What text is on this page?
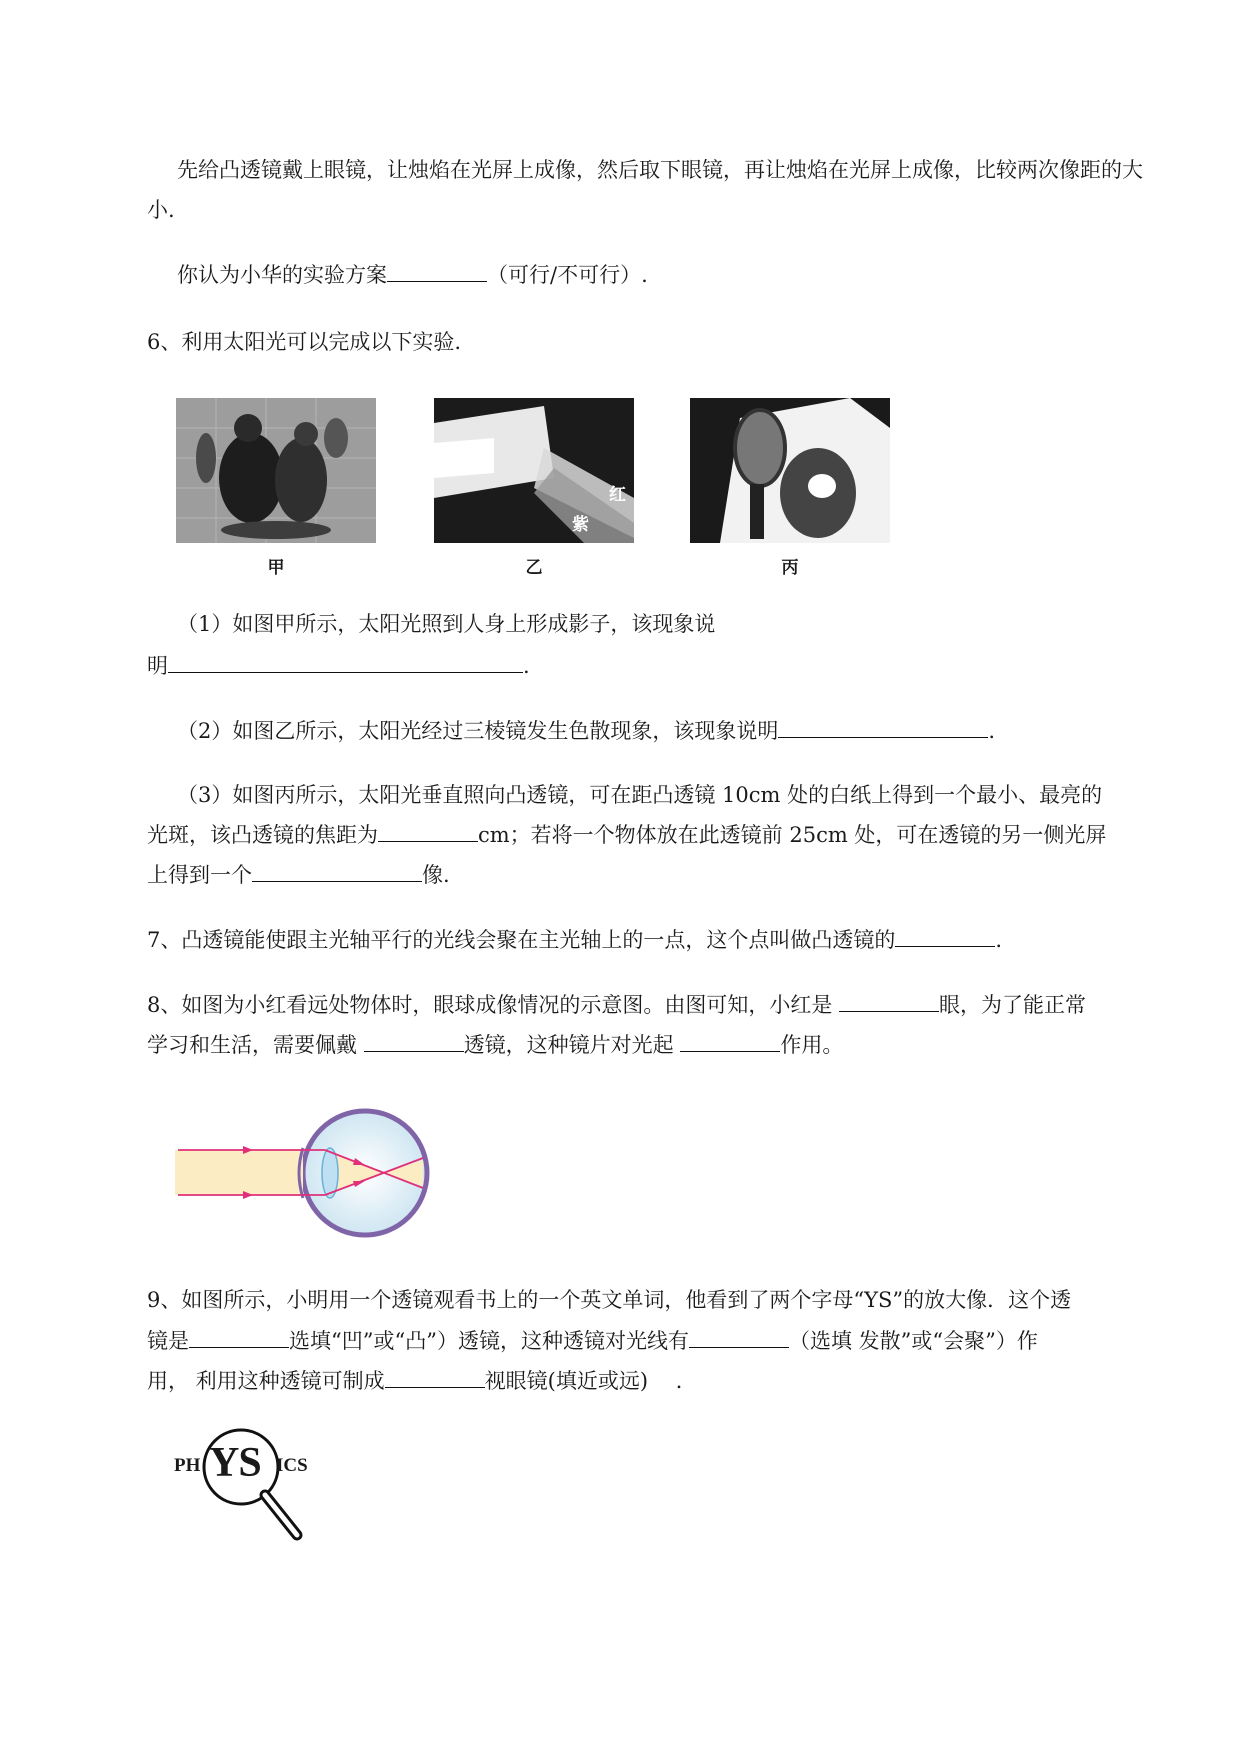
先给凸透镜戴上眼镜，让烛焰在光屏上成像，然后取下眼镜，再让烛焰在光屏上成像，比较两次像距的大小.

你认为小华的实验方案	（可行/不可行）.

6、利用太阳光可以完成以下实验.

甲
红
紫
乙	丙

（1）如图甲所示，太阳光照到人身上形成影子，该现象说

明	.

（2）如图乙所示，太阳光经过三棱镜发生色散现象，该现象说明	.

（3）如图丙所示，太阳光垂直照向凸透镜，可在距凸透镜 10cm 处的白纸上得到一个最小、最亮的

光斑，该凸透镜的焦距为	cm；若将一个物体放在此透镜前 25cm 处，可在透镜的另一侧光屏

上得到一个	像.

7、凸透镜能使跟主光轴平行的光线会聚在主光轴上的一点，这个点叫做凸透镜的	.

8、如图为小红看远处物体时，眼球成像情况的示意图。由图可知，小红是	眼，为了能正常

学习和生活，需要佩戴	透镜，这种镜片对光起	作用。

9、如图所示，小明用一个透镜观看书上的一个英文单词，他看到了两个字母“YS”的放大像．这个透

镜是	选填“凹”或“凸”）透镜，这种透镜对光线有	（选填 发散”或“会聚”）作

用， 利用这种透镜可制成	视眼镜(填近或远)　 ．

PH YS ICS
